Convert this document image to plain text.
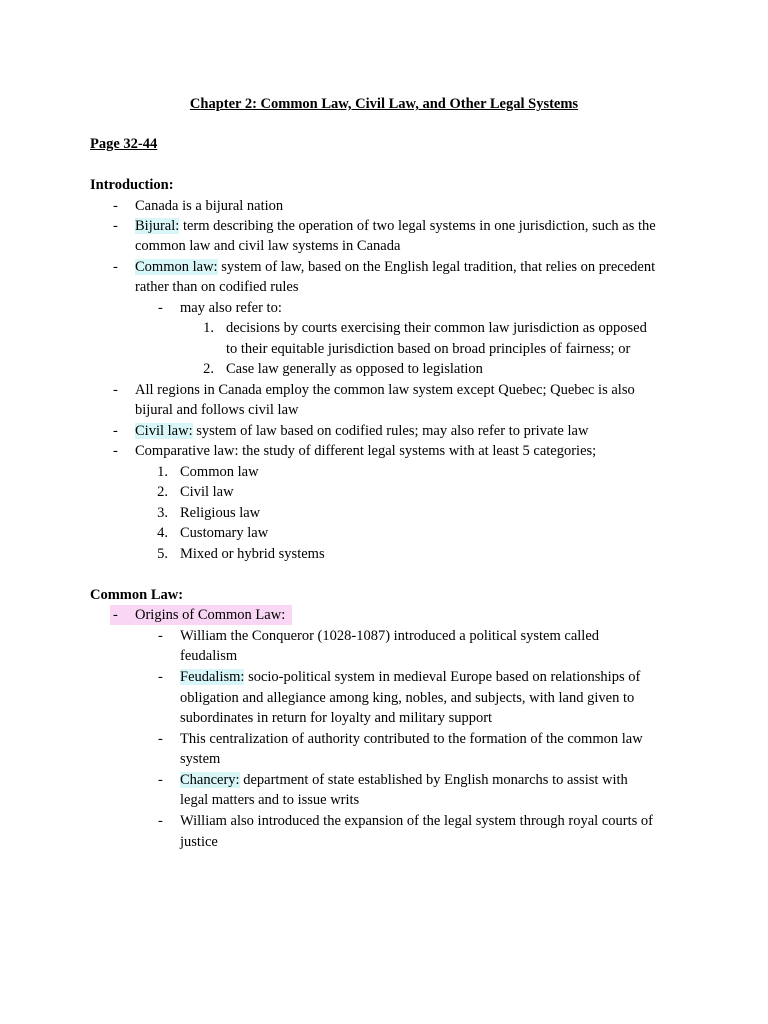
Chapter 2: Common Law, Civil Law, and Other Legal Systems
Page 32-44
Introduction:
- Canada is a bijural nation
- Bijural: term describing the operation of two legal systems in one jurisdiction, such as the
common law and civil law systems in Canada
- Common law: system of law, based on the English legal tradition, that relies on precedent
rather than on codified rules
- may also refer to:
1. decisions by courts exercising their common law jurisdiction as opposed
to their equitable jurisdiction based on broad principles of fairness; or
2. Case law generally as opposed to legislation
- All regions in Canada employ the common law system except Quebec; Quebec is also
bijural and follows civil law
- Civil law: system of law based on codified rules; may also refer to private law
- Comparative law: the study of different legal systems with at least 5 categories;
1. Common law
2. Civil law
3. Religious law
4. Customary law
5. Mixed or hybrid systems
Common Law:
- Origins of Common Law:
- William the Conqueror (1028-1087) introduced a political system called
feudalism
- Feudalism: socio-political system in medieval Europe based on relationships of
obligation and allegiance among king, nobles, and subjects, with land given to
subordinates in return for loyalty and military support
- This centralization of authority contributed to the formation of the common law
system
- Chancery: department of state established by English monarchs to assist with
legal matters and to issue writs
- William also introduced the expansion of the legal system through royal courts of
justice
